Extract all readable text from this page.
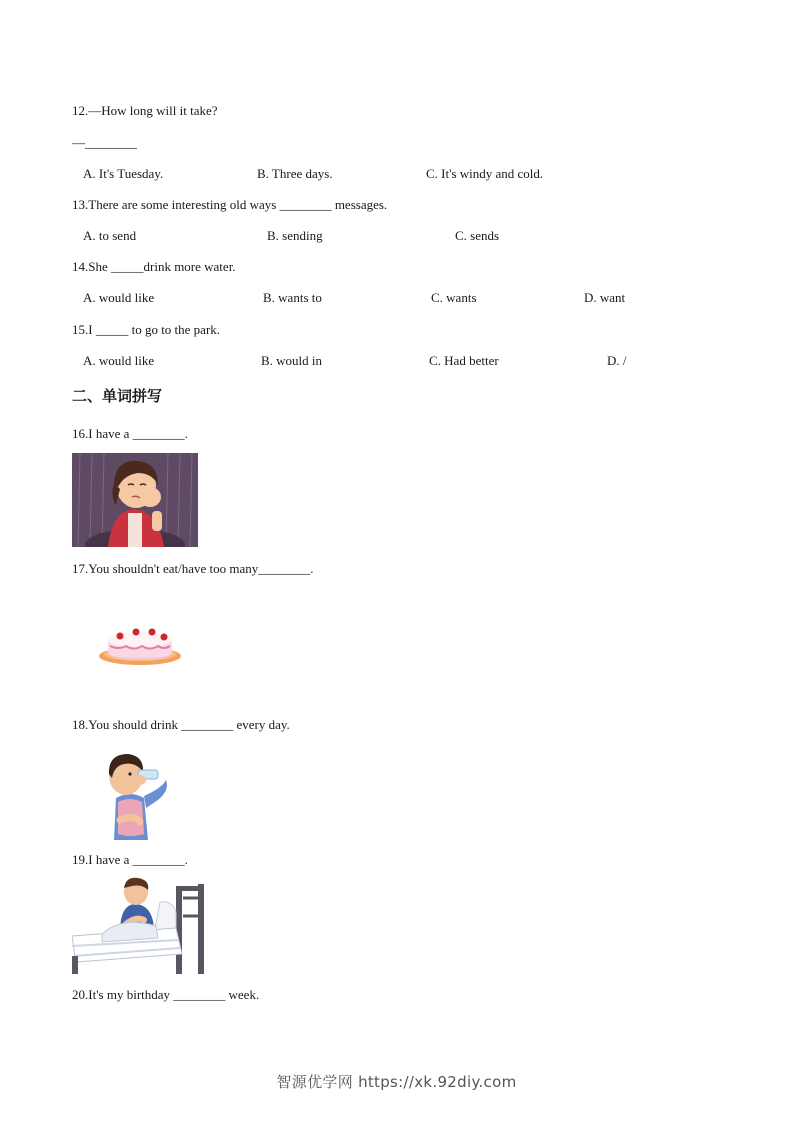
12.—How long will it take?
—________
A. It's Tuesday.	B. Three days.	C. It's windy and cold.
13.There are some interesting old ways ________ messages.
A. to send	B. sending	C. sends
14.She _____drink more water.
A. would like	B. wants to	C. wants	D. want
15.I _____ to go to the park.
A. would like	B. would in	C. Had better	D. /
二、单词拼写
16.I have a ________.
17.You shouldn't eat/have too many________.
18.You should drink ________ every day.
19.I have a ________.
20.It's my birthday ________ week.
智源优学网 https://xk.92diy.com
